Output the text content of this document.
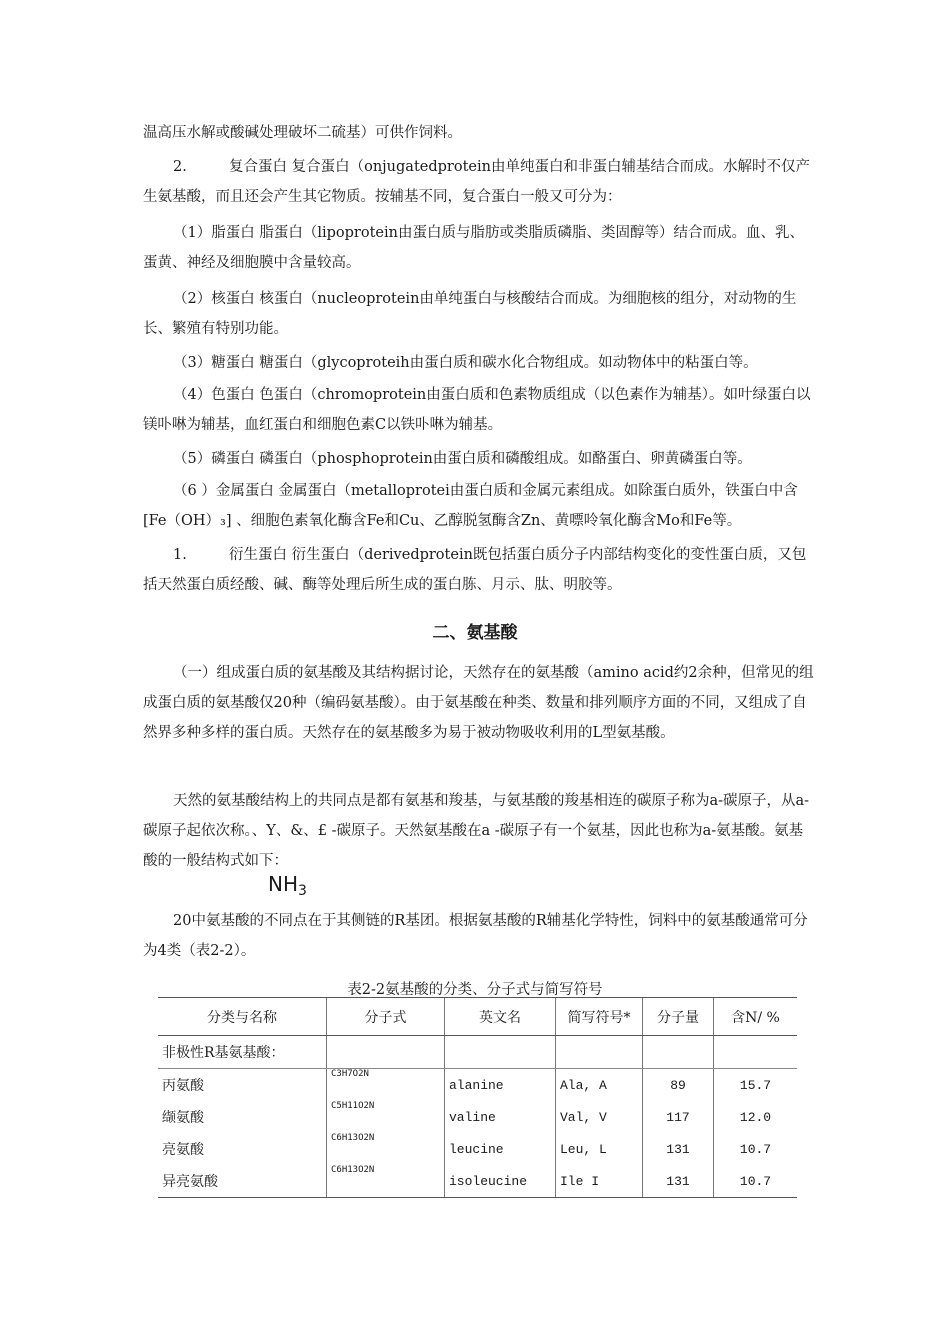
温高压水解或酸碱处理破坏二硫基）可供作饲料。

2.	复合蛋白 复合蛋白（onjugatedprotein由单纯蛋白和非蛋白辅基结合而成。水解时不仅产生氨基酸，而且还会产生其它物质。按辅基不同，复合蛋白一般又可分为：

（1）脂蛋白 脂蛋白（lipoprotein由蛋白质与脂肪或类脂质磷脂、类固醇等）结合而成。血、乳、蛋黄、神经及细胞膜中含量较高。

（2）核蛋白 核蛋白（nucleoprotein由单纯蛋白与核酸结合而成。为细胞核的组分，对动物的生长、繁殖有特别功能。

（3）糖蛋白 糖蛋白（glycoproteih由蛋白质和碳水化合物组成。如动物体中的粘蛋白等。

（4）色蛋白 色蛋白（chromoprotein由蛋白质和色素物质组成（以色素作为辅基）。如叶绿蛋白以镁卟啉为辅基，血红蛋白和细胞色素C以铁卟啉为辅基。

（5）磷蛋白 磷蛋白（phosphoprotein由蛋白质和磷酸组成。如酪蛋白、卵黄磷蛋白等。

（6 ）金属蛋白 金属蛋白（metalloprotei由蛋白质和金属元素组成。如除蛋白质外，铁蛋白中含 [Fe（OH）₃] 、细胞色素氧化酶含Fe和Cu、乙醇脱氢酶含Zn、黄嘌呤氧化酶含Mo和Fe等。

1.	衍生蛋白 衍生蛋白（derivedprotein既包括蛋白质分子内部结构变化的变性蛋白质，又包括天然蛋白质经酸、碱、酶等处理后所生成的蛋白胨、月示、肽、明胶等。

二、氨基酸

（一）组成蛋白质的氨基酸及其结构据讨论，天然存在的氨基酸（amino acid约2余种，但常见的组成蛋白质的氨基酸仅20种（编码氨基酸）。由于氨基酸在种类、数量和排列顺序方面的不同，又组成了自然界多种多样的蛋白质。天然存在的氨基酸多为易于被动物吸收利用的L型氨基酸。

天然的氨基酸结构上的共同点是都有氨基和羧基，与氨基酸的羧基相连的碳原子称为a-碳原子，从a-碳原子起依次称。、Y、&、£ -碳原子。天然氨基酸在a -碳原子有一个氨基，因此也称为a-氨基酸。氨基酸的一般结构式如下：

$NH_3$

20中氨基酸的不同点在于其侧链的R基团。根据氨基酸的R辅基化学特性，饲料中的氨基酸通常可分为4类（表2-2）。

表2-2氨基酸的分类、分子式与简写符号
分类与名称	分子式	英文名	简写符号*	分子量	含N/ %
非极性R基氨基酸：					
丙氨酸	C3H7O2N	alanine	Ala, A	89	15.7
缬氨酸	C5H11O2N	valine	Val, V	117	12.0
亮氨酸	C6H13O2N	leucine	Leu, L	131	10.7
异亮氨酸	C6H13O2N	isoleucine	Ile I	131	10.7
